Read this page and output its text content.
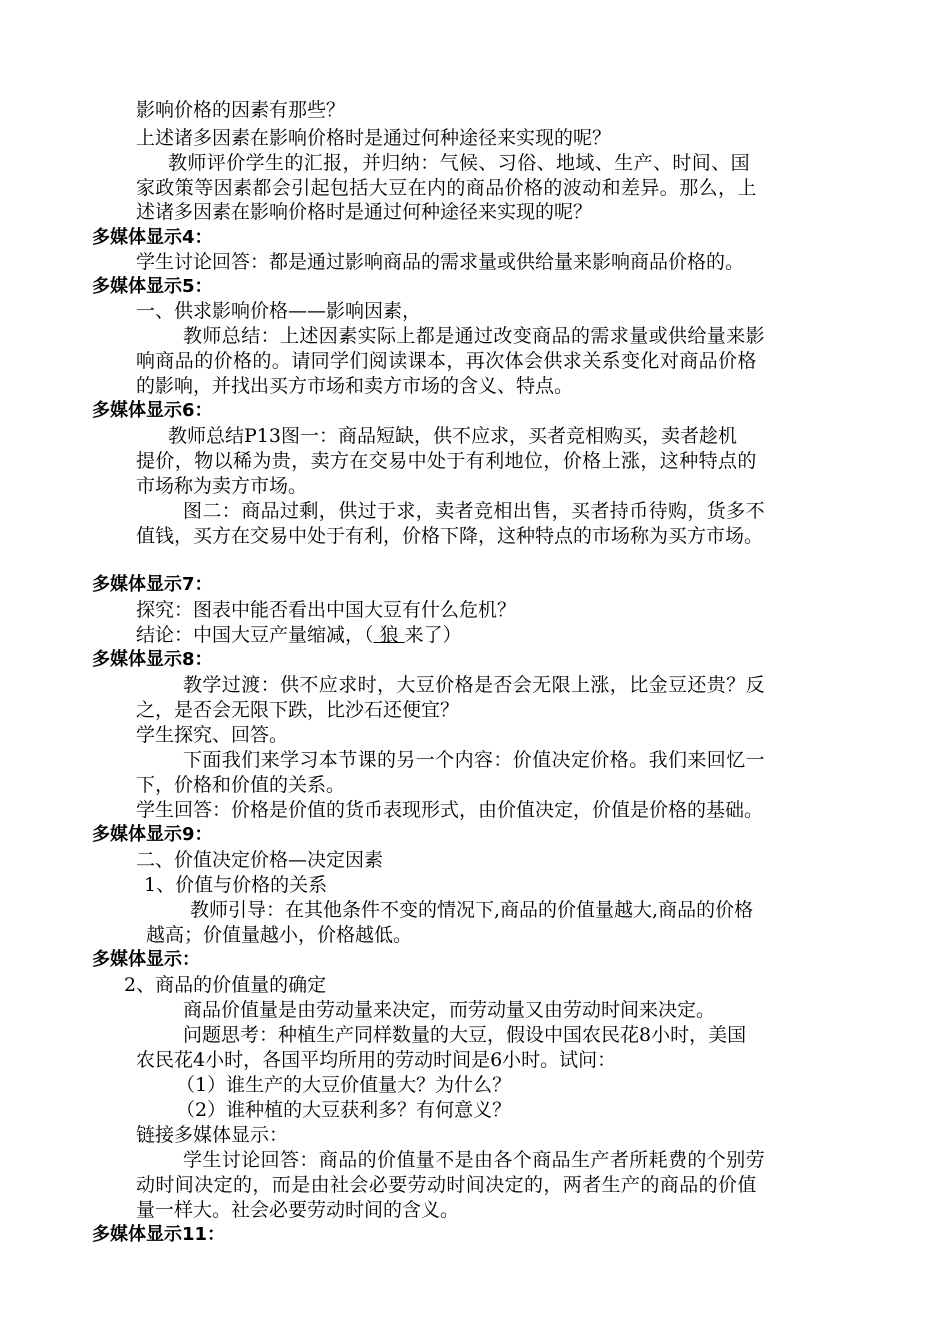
影响价格的因素有那些？
上述诸多因素在影响价格时是通过何种途径来实现的呢？
教师评价学生的汇报，并归纳：气候、习俗、地域、生产、时间、国
家政策等因素都会引起包括大豆在内的商品价格的波动和差异。那么，上
述诸多因素在影响价格时是通过何种途径来实现的呢？
多媒体显示4：
学生讨论回答：都是通过影响商品的需求量或供给量来影响商品价格的。
多媒体显示5：
一、供求影响价格——影响因素，
教师总结：上述因素实际上都是通过改变商品的需求量或供给量来影
响商品的价格的。请同学们阅读课本，再次体会供求关系变化对商品价格
的影响，并找出买方市场和卖方市场的含义、特点。
多媒体显示6：
教师总结P13图一：商品短缺，供不应求，买者竞相购买，卖者趁机
提价，物以稀为贵，卖方在交易中处于有利地位，价格上涨，这种特点的
市场称为卖方市场。
图二：商品过剩，供过于求，卖者竞相出售，买者持币待购，货多不
值钱，买方在交易中处于有利，价格下降，这种特点的市场称为买方市场。
多媒体显示7：
探究：图表中能否看出中国大豆有什么危机？
结论：中国大豆产量缩减，（ 狼 来了）
多媒体显示8：
教学过渡：供不应求时，大豆价格是否会无限上涨，比金豆还贵？反
之，是否会无限下跌，比沙石还便宜？
学生探究、回答。
下面我们来学习本节课的另一个内容：价值决定价格。我们来回忆一
下，价格和价值的关系。
学生回答：价格是价值的货币表现形式，由价值决定，价值是价格的基础。
多媒体显示9：
二、价值决定价格—决定因素
1、价值与价格的关系
教师引导：在其他条件不变的情况下,商品的价值量越大,商品的价格
越高；价值量越小，价格越低。
多媒体显示：
2、商品的价值量的确定
商品价值量是由劳动量来决定，而劳动量又由劳动时间来决定。
问题思考：种植生产同样数量的大豆，假设中国农民花8小时，美国
农民花4小时，各国平均所用的劳动时间是6小时。试问：
（1）谁生产的大豆价值量大？为什么？
（2）谁种植的大豆获利多？有何意义？
链接多媒体显示：
学生讨论回答：商品的价值量不是由各个商品生产者所耗费的个别劳
动时间决定的，而是由社会必要劳动时间决定的，两者生产的商品的价值
量一样大。社会必要劳动时间的含义。
多媒体显示11：
